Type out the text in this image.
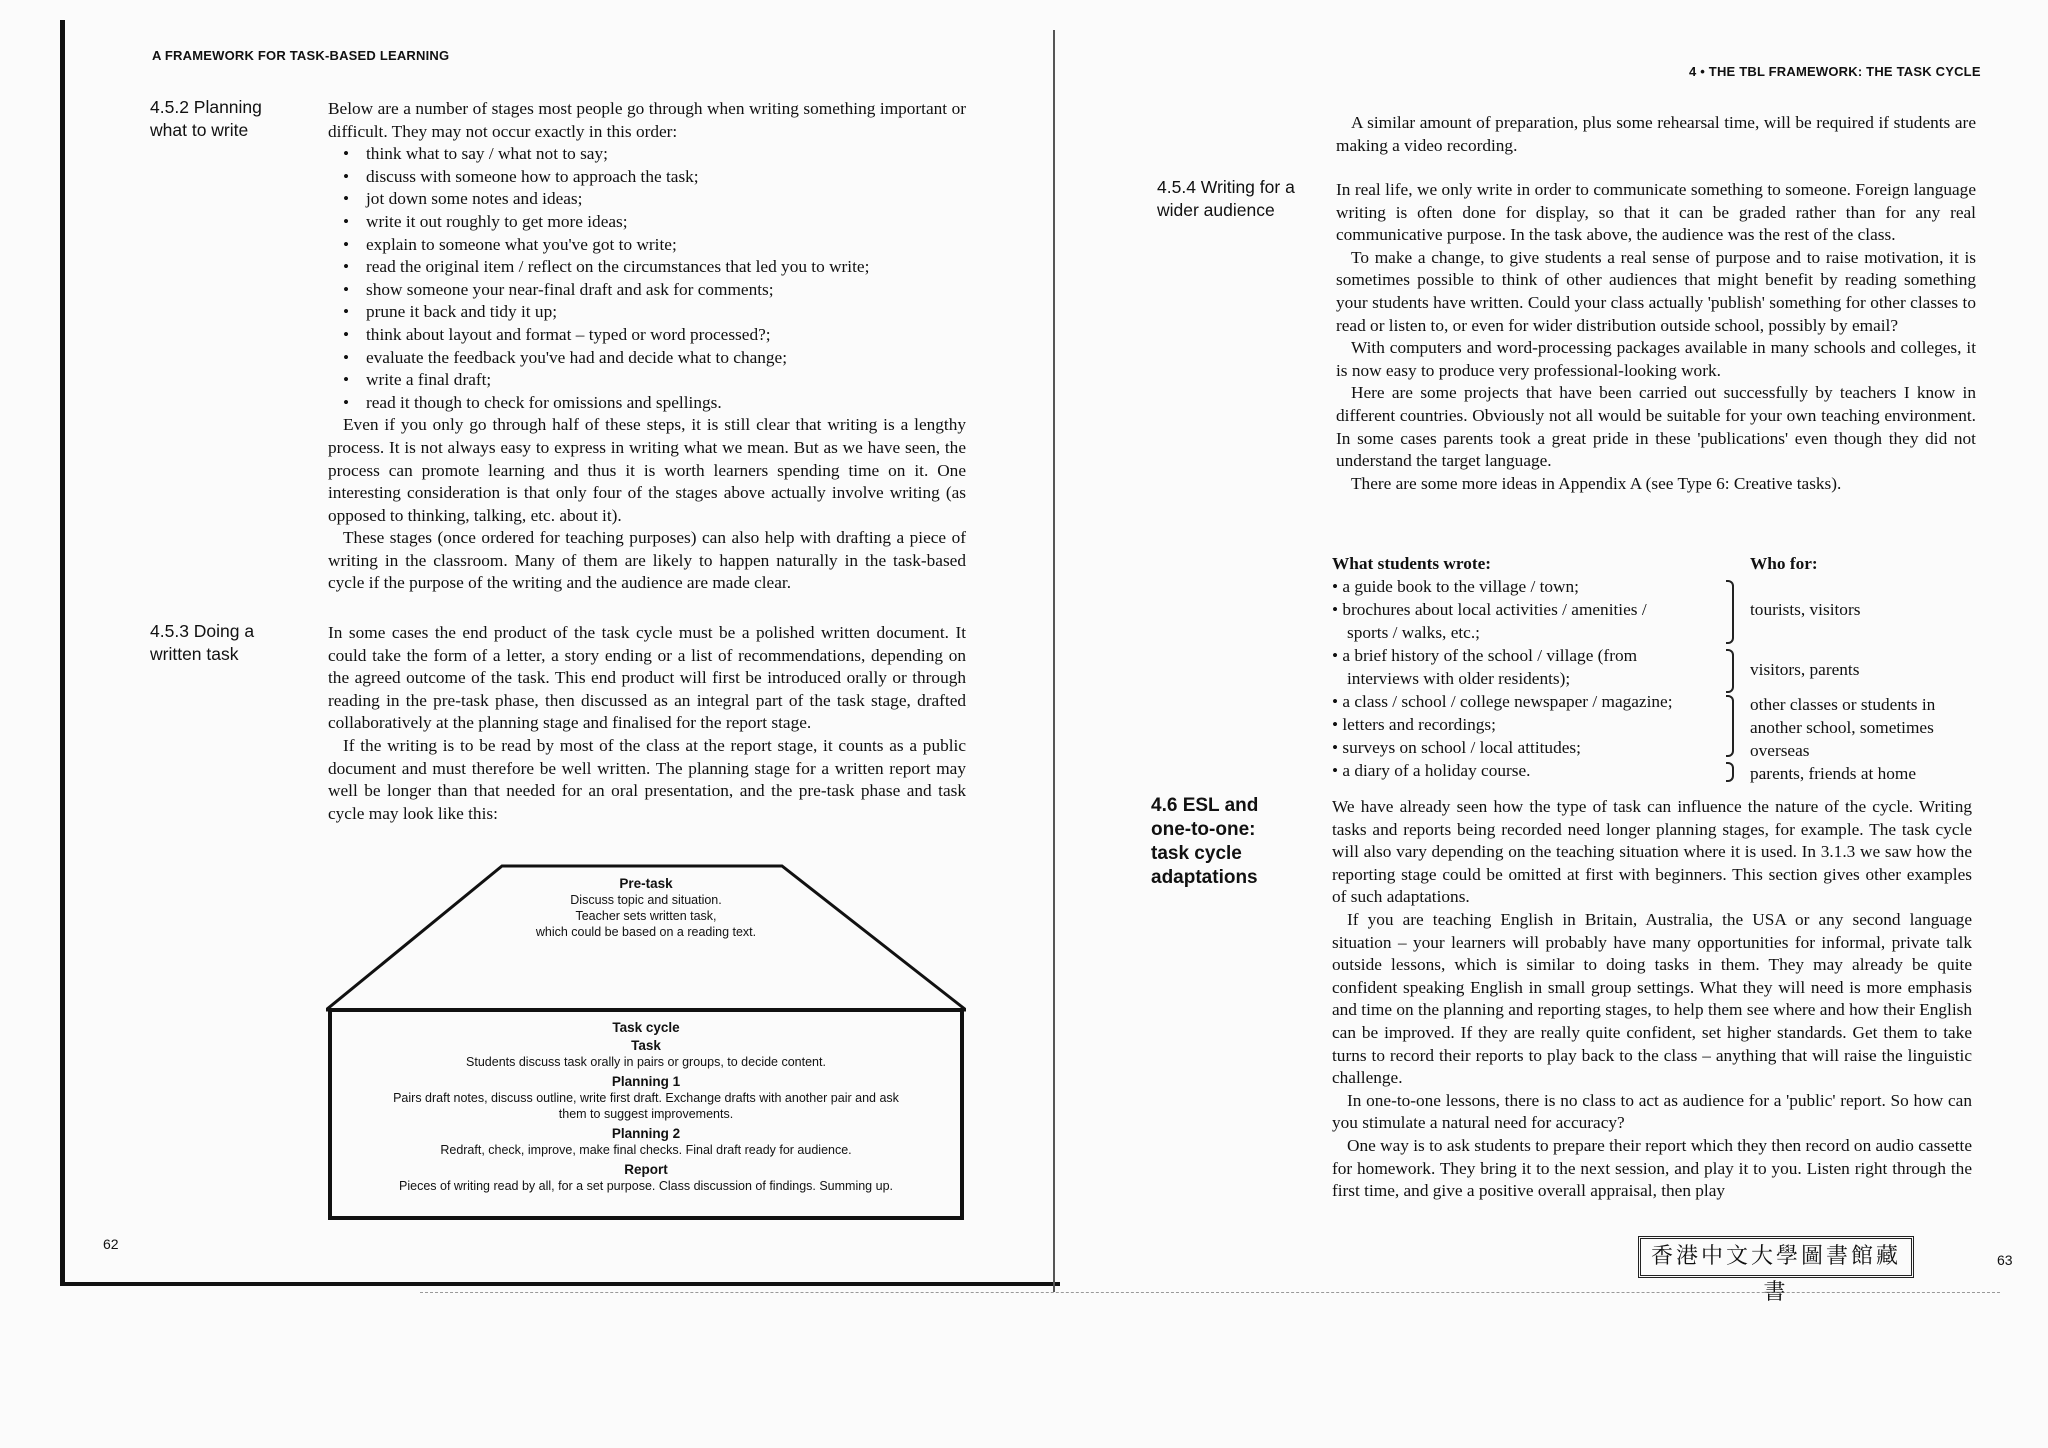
A FRAMEWORK FOR TASK-BASED LEARNING
62
4.5.2 Planning
what to write

Below are a number of stages most people go through when writing something important or difficult. They may not occur exactly in this order:

• think what to say / what not to say;
• discuss with someone how to approach the task;
• jot down some notes and ideas;
• write it out roughly to get more ideas;
• explain to someone what you've got to write;
• read the original item / reflect on the circumstances that led you to write;
• show someone your near-final draft and ask for comments;
• prune it back and tidy it up;
• think about layout and format – typed or word processed?;
• evaluate the feedback you've had and decide what to change;
• write a final draft;
• read it though to check for omissions and spellings.

Even if you only go through half of these steps, it is still clear that writing is a lengthy process. It is not always easy to express in writing what we mean. But as we have seen, the process can promote learning and thus it is worth learners spending time on it. One interesting consideration is that only four of the stages above actually involve writing (as opposed to thinking, talking, etc. about it).

These stages (once ordered for teaching purposes) can also help with drafting a piece of writing in the classroom. Many of them are likely to happen naturally in the task-based cycle if the purpose of the writing and the audience are made clear.

4.5.3 Doing a
written task

In some cases the end product of the task cycle must be a polished written document. It could take the form of a letter, a story ending or a list of recommendations, depending on the agreed outcome of the task. This end product will first be introduced orally or through reading in the pre-task phase, then discussed as an integral part of the task stage, drafted collaboratively at the planning stage and finalised for the report stage.

If the writing is to be read by most of the class at the report stage, it counts as a public document and must therefore be well written. The planning stage for a written report may well be longer than that needed for an oral presentation, and the pre-task phase and task cycle may look like this:

Pre-task
Discuss topic and situation.
Teacher sets written task,
which could be based on a reading text.
Task cycle
Task
Students discuss task orally in pairs or groups, to decide content.
Planning 1
Pairs draft notes, discuss outline, write first draft. Exchange drafts with another pair and ask
them to suggest improvements.
Planning 2
Redraft, check, improve, make final checks. Final draft ready for audience.
Report
Pieces of writing read by all, for a set purpose. Class discussion of findings. Summing up.
4 • THE TBL FRAMEWORK: THE TASK CYCLE
63

A similar amount of preparation, plus some rehearsal time, will be required if students are making a video recording.

4.5.4 Writing for a
wider audience

In real life, we only write in order to communicate something to someone. Foreign language writing is often done for display, so that it can be graded rather than for any real communicative purpose. In the task above, the audience was the rest of the class.

To make a change, to give students a real sense of purpose and to raise motivation, it is sometimes possible to think of other audiences that might benefit by reading something your students have written. Could your class actually 'publish' something for other classes to read or listen to, or even for wider distribution outside school, possibly by email?

With computers and word-processing packages available in many schools and colleges, it is now easy to produce very professional-looking work.

Here are some projects that have been carried out successfully by teachers I know in different countries. Obviously not all would be suitable for your own teaching environment. In some cases parents took a great pride in these 'publications' even though they did not understand the target language.

There are some more ideas in Appendix A (see Type 6: Creative tasks).

What students wrote:	Who for:
• a guide book to the village / town;
• brochures about local activities / amenities /
sports / walks, etc.;
• a brief history of the school / village (from
interviews with older residents);
• a class / school / college newspaper / magazine;
• letters and recordings;
• surveys on school / local attitudes;
• a diary of a holiday course.
tourists, visitors
visitors, parents
other classes or students in
another school, sometimes
overseas
parents, friends at home
4.6 ESL and
one-to-one:
task cycle
adaptations

We have already seen how the type of task can influence the nature of the cycle. Writing tasks and reports being recorded need longer planning stages, for example. The task cycle will also vary depending on the teaching situation where it is used. In 3.1.3 we saw how the reporting stage could be omitted at first with beginners. This section gives other examples of such adaptations.

If you are teaching English in Britain, Australia, the USA or any second language situation – your learners will probably have many opportunities for informal, private talk outside lessons, which is similar to doing tasks in them. They may already be quite confident speaking English in small group settings. What they will need is more emphasis and time on the planning and reporting stages, to help them see where and how their English can be improved. If they are really quite confident, set higher standards. Get them to take turns to record their reports to play back to the class – anything that will raise the linguistic challenge.

In one-to-one lessons, there is no class to act as audience for a 'public' report. So how can you stimulate a natural need for accuracy?

One way is to ask students to prepare their report which they then record on audio cassette for homework. They bring it to the next session, and play it to you. Listen right through the first time, and give a positive overall appraisal, then play

香港中文大學圖書館藏書
